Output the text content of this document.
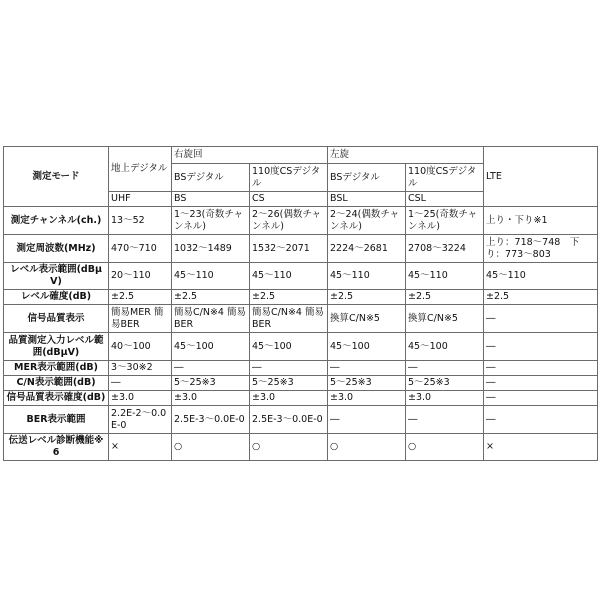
測定モード	地上デジタル	右旋回		左旋		LTE
		BSデジタル	110度CSデジタル	BSデジタル	110度CSデジタル	
	UHF	BS	CS	BSL	CSL	
測定チャンネル(ch.)	13～52	1～23(奇数チャンネル)	2～26(偶数チャンネル)	2～24(偶数チャンネル)	1～25(奇数チャンネル)	上り・下り※1
測定周波数(MHz)	470～710	1032～1489	1532～2071	2224～2681	2708～3224	上り：718～748　下り：773～803
レベル表示範囲(dBμV)	20～110	45～110	45～110	45～110	45～110	45～110
レベル確度(dB)	±2.5	±2.5	±2.5	±2.5	±2.5	±2.5
信号品質表示	簡易MER 簡易BER	簡易C/N※4 簡易BER	簡易C/N※4 簡易BER	換算C/N※5	換算C/N※5	―
品質測定入力レベル範囲(dBμV)	40～100	45～100	45～100	45～100	45～100	―
MER表示範囲(dB)	3～30※2	―	―	―	―	―
C/N表示範囲(dB)	―	5～25※3	5～25※3	5～25※3	5～25※3	―
信号品質表示確度(dB)	±3.0	±3.0	±3.0	±3.0	±3.0	―
BER表示範囲	2.2E-2～0.0E-0	2.5E-3～0.0E-0	2.5E-3～0.0E-0	―	―	―
伝送レベル診断機能※6	×	○	○	○	○	×
